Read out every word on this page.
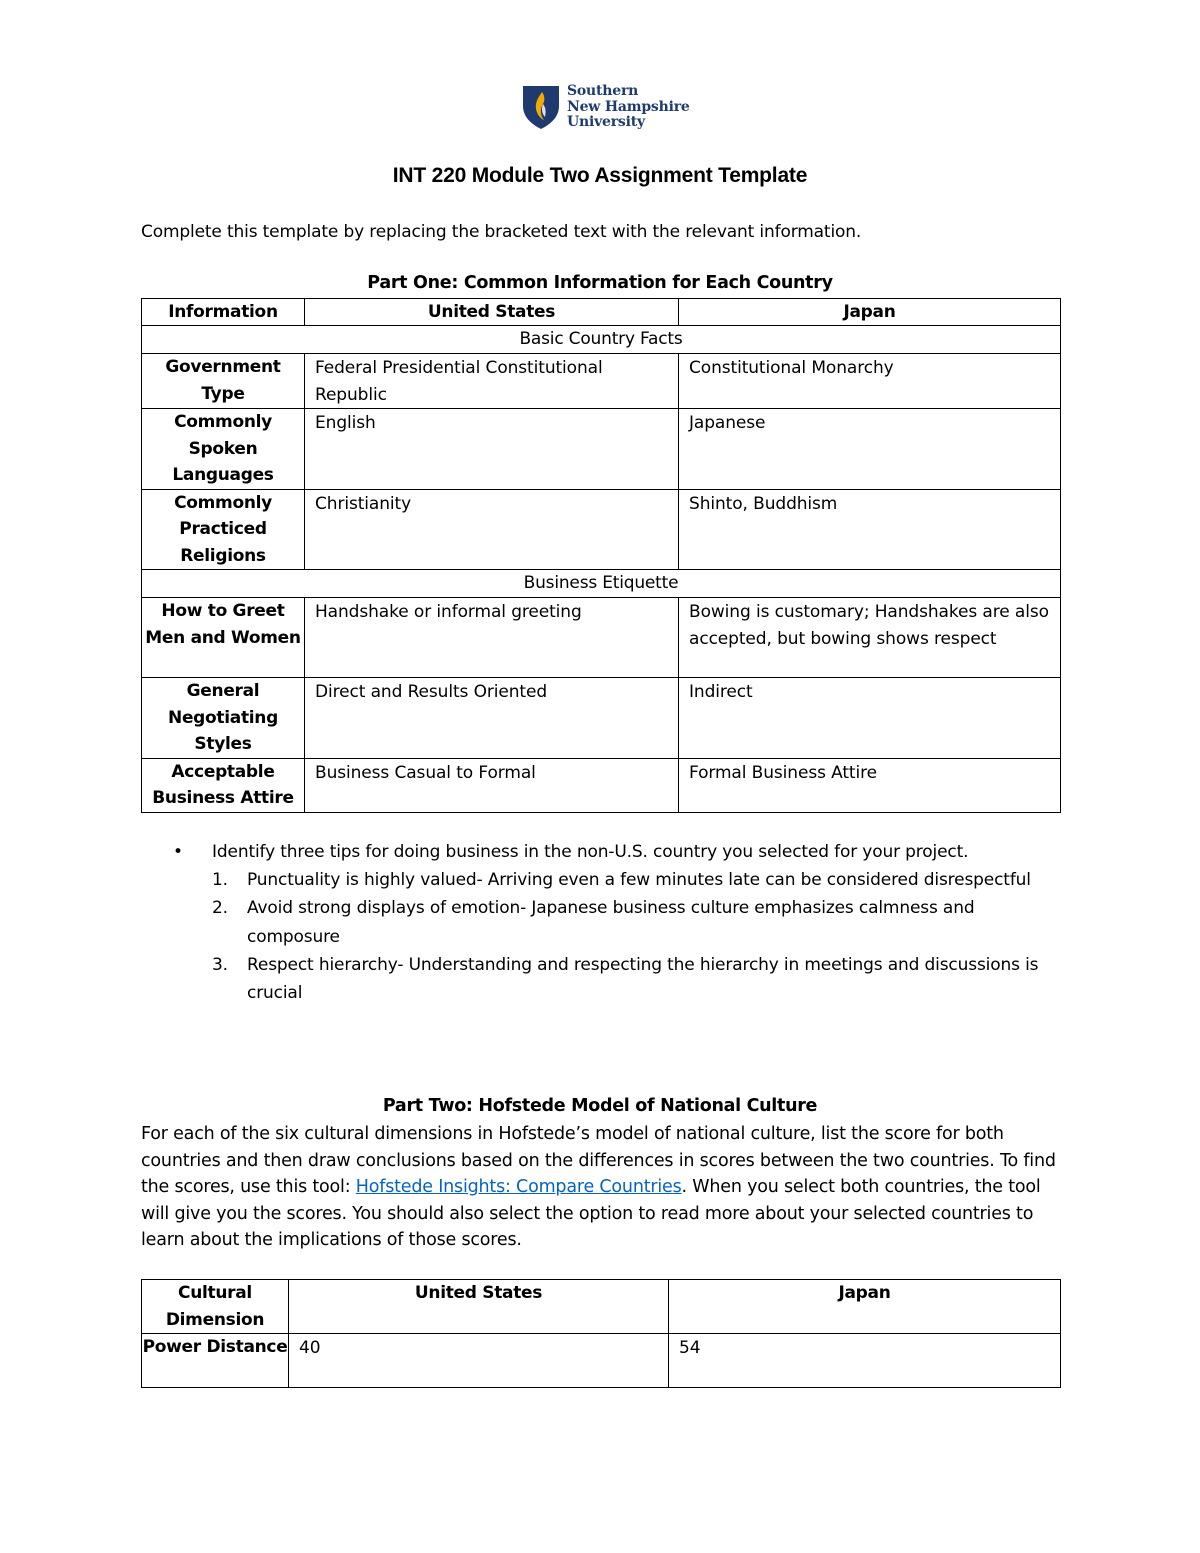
Southern
New Hampshire
University
INT 220 Module Two Assignment Template
Complete this template by replacing the bracketed text with the relevant information.
Part One: Common Information for Each Country
Information	United States	Japan
Basic Country Facts		
Government Type	Federal Presidential Constitutional Republic	Constitutional Monarchy
Commonly Spoken Languages	English	Japanese
Commonly Practiced Religions	Christianity	Shinto, Buddhism
Business Etiquette		
How to Greet Men and Women	Handshake or informal greeting	Bowing is customary; Handshakes are also accepted, but bowing shows respect
General Negotiating Styles	Direct and Results Oriented	Indirect
Acceptable Business Attire	Business Casual to Formal	Formal Business Attire
• Identify three tips for doing business in the non-U.S. country you selected for your project.
1. Punctuality is highly valued- Arriving even a few minutes late can be considered disrespectful
2. Avoid strong displays of emotion- Japanese business culture emphasizes calmness and composure
3. Respect hierarchy- Understanding and respecting the hierarchy in meetings and discussions is crucial
Part Two: Hofstede Model of National Culture
For each of the six cultural dimensions in Hofstede’s model of national culture, list the score for both countries and then draw conclusions based on the differences in scores between the two countries. To find the scores, use this tool: Hofstede Insights: Compare Countries. When you select both countries, the tool will give you the scores. You should also select the option to read more about your selected countries to learn about the implications of those scores.
Cultural Dimension	United States	Japan
Power Distance	40	54
